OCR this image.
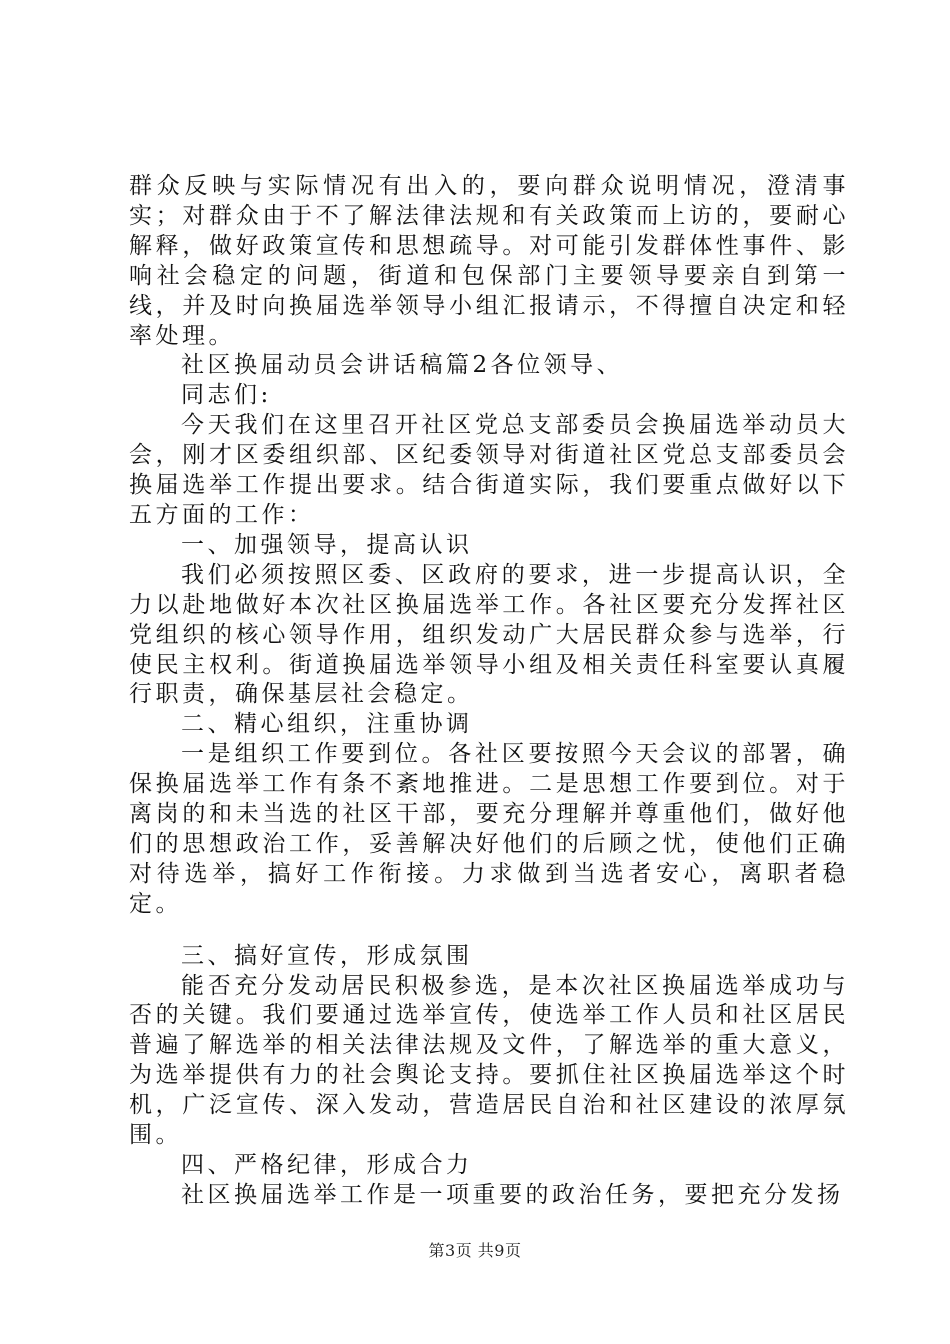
群众反映与实际情况有出入的，要向群众说明情况，澄清事实；对群众由于不了解法律法规和有关政策而上访的，要耐心解释，做好政策宣传和思想疏导。对可能引发群体性事件、影响社会稳定的问题，街道和包保部门主要领导要亲自到第一线，并及时向换届选举领导小组汇报请示，不得擅自决定和轻率处理。

社区换届动员会讲话稿篇2各位领导、

同志们:

今天我们在这里召开社区党总支部委员会换届选举动员大会，刚才区委组织部、区纪委领导对街道社区党总支部委员会换届选举工作提出要求。结合街道实际，我们要重点做好以下五方面的工作：

一、加强领导，提高认识

我们必须按照区委、区政府的要求，进一步提高认识，全力以赴地做好本次社区换届选举工作。各社区要充分发挥社区党组织的核心领导作用，组织发动广大居民群众参与选举，行使民主权利。街道换届选举领导小组及相关责任科室要认真履行职责，确保基层社会稳定。

二、精心组织，注重协调

一是组织工作要到位。各社区要按照今天会议的部署，确保换届选举工作有条不紊地推进。二是思想工作要到位。对于离岗的和未当选的社区干部，要充分理解并尊重他们，做好他们的思想政治工作，妥善解决好他们的后顾之忧，使他们正确对待选举，搞好工作衔接。力求做到当选者安心，离职者稳定。

三、搞好宣传，形成氛围

能否充分发动居民积极参选，是本次社区换届选举成功与否的关键。我们要通过选举宣传，使选举工作人员和社区居民普遍了解选举的相关法律法规及文件，了解选举的重大意义，为选举提供有力的社会舆论支持。要抓住社区换届选举这个时机，广泛宣传、深入发动，营造居民自治和社区建设的浓厚氛围。

四、严格纪律，形成合力

社区换届选举工作是一项重要的政治任务，要把充分发扬

第3页 共9页
